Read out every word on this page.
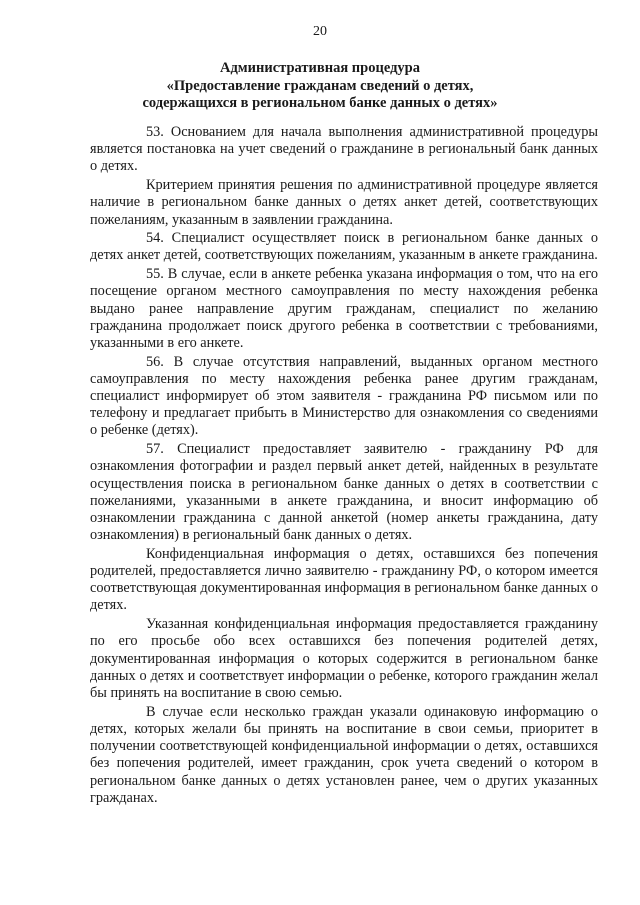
20
Административная процедура
«Предоставление гражданам сведений о детях,
содержащихся в региональном банке данных о детях»

53. Основанием для начала выполнения административной процедуры является постановка на учет сведений о гражданине в региональный банк данных о детях.

Критерием принятия решения по административной процедуре является наличие в региональном банке данных о детях анкет детей, соответствующих пожеланиям, указанным в заявлении гражданина.

54. Специалист осуществляет поиск в региональном банке данных о детях анкет детей, соответствующих пожеланиям, указанным в анкете гражданина.

55. В случае, если в анкете ребенка указана информация о том, что на его посещение органом местного самоуправления по месту нахождения ребенка выдано ранее направление другим гражданам, специалист по желанию гражданина продолжает поиск другого ребенка в соответствии с требованиями, указанными в его анкете.

56. В случае отсутствия направлений, выданных органом местного самоуправления по месту нахождения ребенка ранее другим гражданам, специалист информирует об этом заявителя - гражданина РФ письмом или по телефону и предлагает прибыть в Министерство для ознакомления со сведениями о ребенке (детях).

57. Специалист предоставляет заявителю - гражданину РФ для ознакомления фотографии и раздел первый анкет детей, найденных в результате осуществления поиска в региональном банке данных о детях в соответствии с пожеланиями, указанными в анкете гражданина, и вносит информацию об ознакомлении гражданина с данной анкетой (номер анкеты гражданина, дату ознакомления) в региональный банк данных о детях.

Конфиденциальная информация о детях, оставшихся без попечения родителей, предоставляется лично заявителю - гражданину РФ, о котором имеется соответствующая документированная информация в региональном банке данных о детях.

Указанная конфиденциальная информация предоставляется гражданину по его просьбе обо всех оставшихся без попечения родителей детях, документированная информация о которых содержится в региональном банке данных о детях и соответствует информации о ребенке, которого гражданин желал бы принять на воспитание в свою семью.

В случае если несколько граждан указали одинаковую информацию о детях, которых желали бы принять на воспитание в свои семьи, приоритет в получении соответствующей конфиденциальной информации о детях, оставшихся без попечения родителей, имеет гражданин, срок учета сведений о котором в региональном банке данных о детях установлен ранее, чем о других указанных гражданах.
